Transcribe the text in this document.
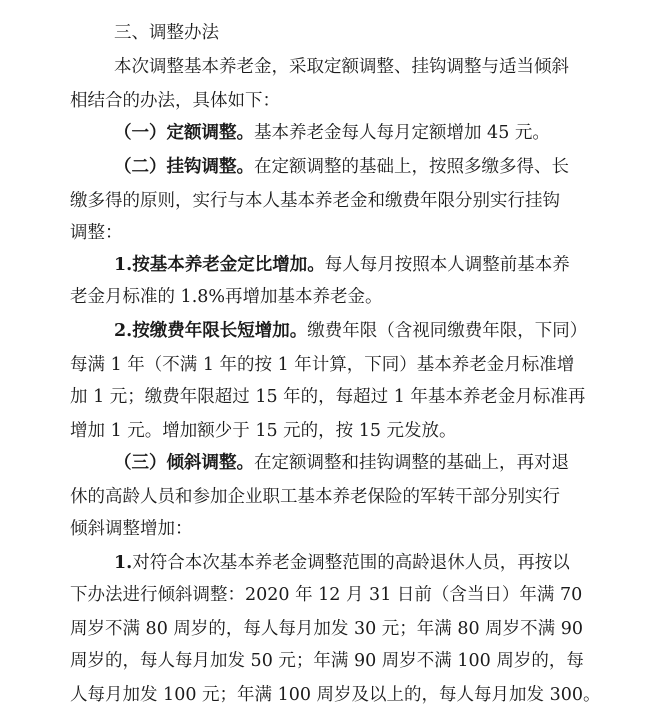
三、调整办法
本次调整基本养老金，采取定额调整、挂钩调整与适当倾斜
相结合的办法，具体如下：
（一）定额调整。基本养老金每人每月定额增加 45 元。
（二）挂钩调整。在定额调整的基础上，按照多缴多得、长
缴多得的原则，实行与本人基本养老金和缴费年限分别实行挂钩
调整：
1.按基本养老金定比增加。每人每月按照本人调整前基本养
老金月标准的 1.8%再增加基本养老金。
2.按缴费年限长短增加。缴费年限（含视同缴费年限，下同）
每满 1 年（不满 1 年的按 1 年计算，下同）基本养老金月标准增
加 1 元；缴费年限超过 15 年的，每超过 1 年基本养老金月标准再
增加 1 元。增加额少于 15 元的，按 15 元发放。
（三）倾斜调整。在定额调整和挂钩调整的基础上，再对退
休的高龄人员和参加企业职工基本养老保险的军转干部分别实行
倾斜调整增加：
1.对符合本次基本养老金调整范围的高龄退休人员，再按以
下办法进行倾斜调整：2020 年 12 月 31 日前（含当日）年满 70
周岁不满 80 周岁的，每人每月加发 30 元；年满 80 周岁不满 90
周岁的，每人每月加发 50 元；年满 90 周岁不满 100 周岁的，每
人每月加发 100 元；年满 100 周岁及以上的，每人每月加发 300。
